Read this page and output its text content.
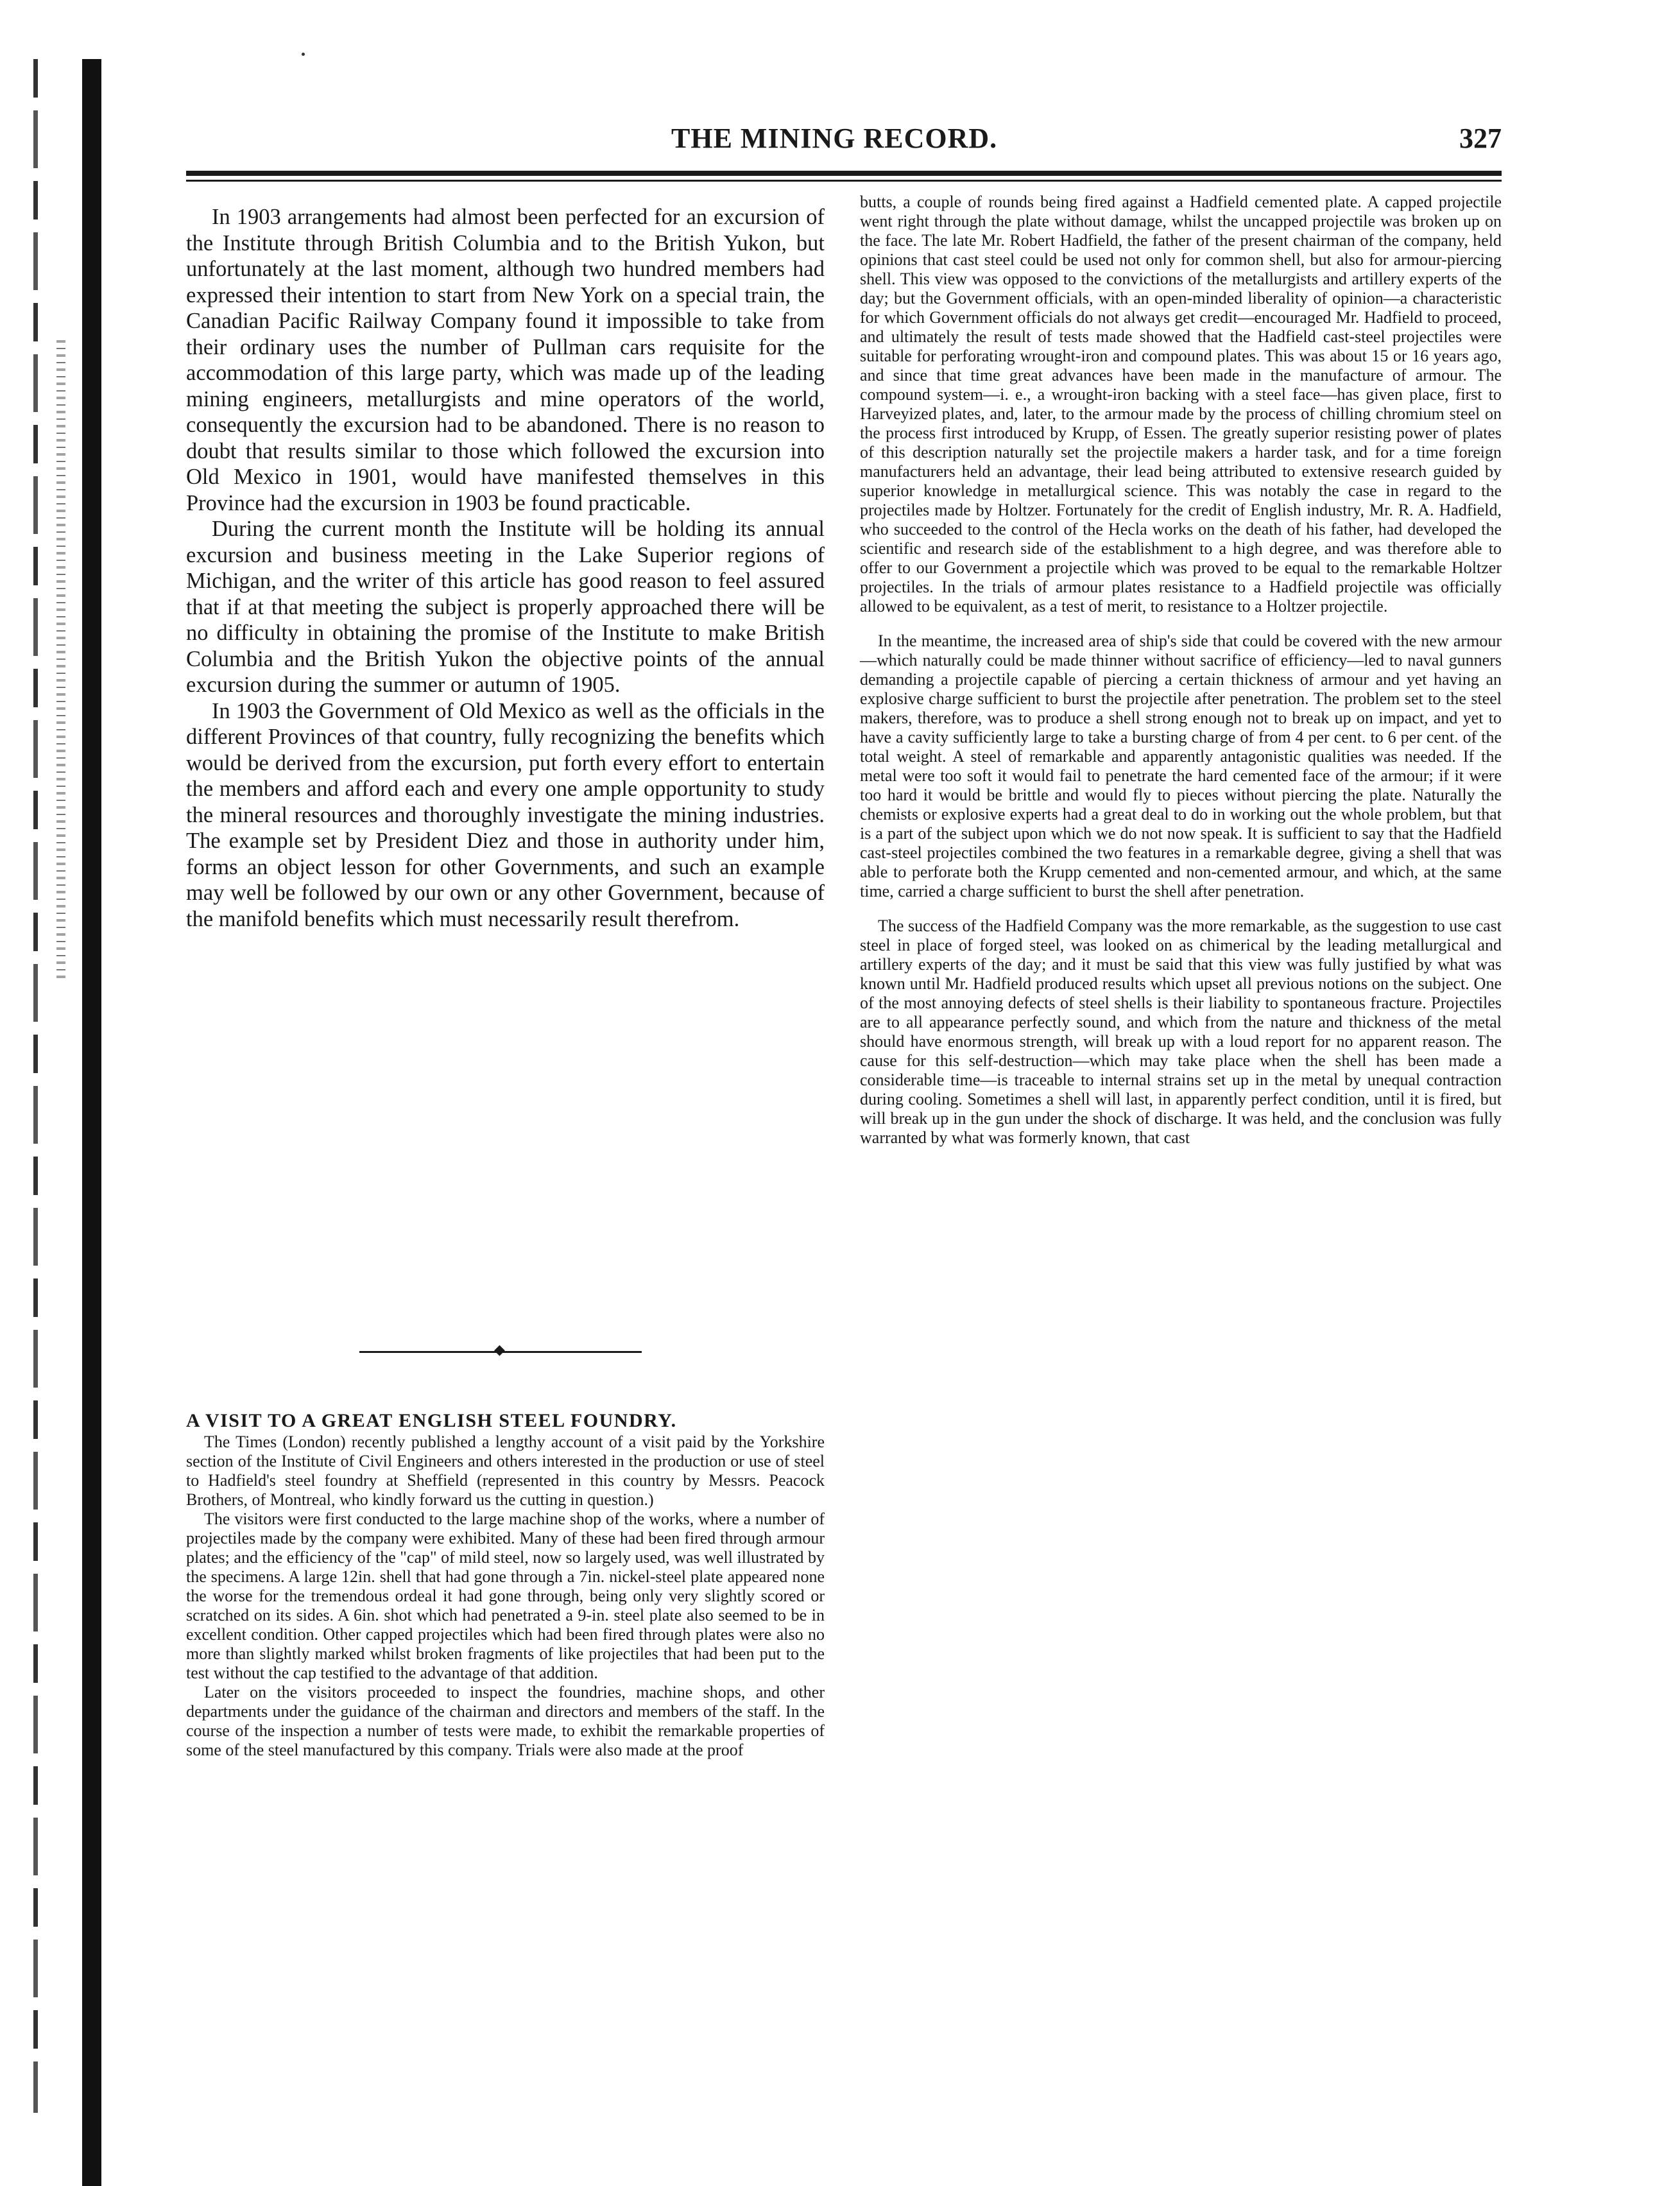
THE MINING RECORD.	327

In 1903 arrangements had almost been perfected for an excursion of the Institute through British Columbia and to the British Yukon, but unfortunately at the last moment, although two hundred members had expressed their intention to start from New York on a special train, the Canadian Pacific Railway Company found it impossible to take from their ordinary uses the number of Pullman cars requisite for the accommodation of this large party, which was made up of the leading mining engineers, metallurgists and mine operators of the world, consequently the excursion had to be abandoned. There is no reason to doubt that results similar to those which followed the excursion into Old Mexico in 1901, would have manifested themselves in this Province had the excursion in 1903 be found practicable.

During the current month the Institute will be holding its annual excursion and business meeting in the Lake Superior regions of Michigan, and the writer of this article has good reason to feel assured that if at that meeting the subject is properly approached there will be no difficulty in obtaining the promise of the Institute to make British Columbia and the British Yukon the objective points of the annual excursion during the summer or autumn of 1905.

In 1903 the Government of Old Mexico as well as the officials in the different Provinces of that country, fully recognizing the benefits which would be derived from the excursion, put forth every effort to entertain the members and afford each and every one ample opportunity to study the mineral resources and thoroughly investigate the mining industries. The example set by President Diez and those in authority under him, forms an object lesson for other Governments, and such an example may well be followed by our own or any other Government, because of the manifold benefits which must necessarily result therefrom.

◆
A VISIT TO A GREAT ENGLISH STEEL FOUNDRY.

The Times (London) recently published a lengthy account of a visit paid by the Yorkshire section of the Institute of Civil Engineers and others interested in the production or use of steel to Hadfield's steel foundry at Sheffield (represented in this country by Messrs. Peacock Brothers, of Montreal, who kindly forward us the cutting in question.)

The visitors were first conducted to the large machine shop of the works, where a number of projectiles made by the company were exhibited. Many of these had been fired through armour plates; and the efficiency of the "cap" of mild steel, now so largely used, was well illustrated by the specimens. A large 12in. shell that had gone through a 7in. nickel-steel plate appeared none the worse for the tremendous ordeal it had gone through, being only very slightly scored or scratched on its sides. A 6in. shot which had penetrated a 9-in. steel plate also seemed to be in excellent condition. Other capped projectiles which had been fired through plates were also no more than slightly marked whilst broken fragments of like projectiles that had been put to the test without the cap testified to the advantage of that addition.

Later on the visitors proceeded to inspect the foundries, machine shops, and other departments under the guidance of the chairman and directors and members of the staff. In the course of the inspection a number of tests were made, to exhibit the remarkable properties of some of the steel manufactured by this company. Trials were also made at the proof

butts, a couple of rounds being fired against a Hadfield cemented plate. A capped projectile went right through the plate without damage, whilst the uncapped projectile was broken up on the face. The late Mr. Robert Hadfield, the father of the present chairman of the company, held opinions that cast steel could be used not only for common shell, but also for armour-piercing shell. This view was opposed to the convictions of the metallurgists and artillery experts of the day; but the Government officials, with an open-minded liberality of opinion—a characteristic for which Government officials do not always get credit—encouraged Mr. Hadfield to proceed, and ultimately the result of tests made showed that the Hadfield cast-steel projectiles were suitable for perforating wrought-iron and compound plates. This was about 15 or 16 years ago, and since that time great advances have been made in the manufacture of armour. The compound system—i. e., a wrought-iron backing with a steel face—has given place, first to Harveyized plates, and, later, to the armour made by the process of chilling chromium steel on the process first introduced by Krupp, of Essen. The greatly superior resisting power of plates of this description naturally set the projectile makers a harder task, and for a time foreign manufacturers held an advantage, their lead being attributed to extensive research guided by superior knowledge in metallurgical science. This was notably the case in regard to the projectiles made by Holtzer. Fortunately for the credit of English industry, Mr. R. A. Hadfield, who succeeded to the control of the Hecla works on the death of his father, had developed the scientific and research side of the establishment to a high degree, and was therefore able to offer to our Government a projectile which was proved to be equal to the remarkable Holtzer projectiles. In the trials of armour plates resistance to a Hadfield projectile was officially allowed to be equivalent, as a test of merit, to resistance to a Holtzer projectile.

In the meantime, the increased area of ship's side that could be covered with the new armour—which naturally could be made thinner without sacrifice of efficiency—led to naval gunners demanding a projectile capable of piercing a certain thickness of armour and yet having an explosive charge sufficient to burst the projectile after penetration. The problem set to the steel makers, therefore, was to produce a shell strong enough not to break up on impact, and yet to have a cavity sufficiently large to take a bursting charge of from 4 per cent. to 6 per cent. of the total weight. A steel of remarkable and apparently antagonistic qualities was needed. If the metal were too soft it would fail to penetrate the hard cemented face of the armour; if it were too hard it would be brittle and would fly to pieces without piercing the plate. Naturally the chemists or explosive experts had a great deal to do in working out the whole problem, but that is a part of the subject upon which we do not now speak. It is sufficient to say that the Hadfield cast-steel projectiles combined the two features in a remarkable degree, giving a shell that was able to perforate both the Krupp cemented and non-cemented armour, and which, at the same time, carried a charge sufficient to burst the shell after penetration.

The success of the Hadfield Company was the more remarkable, as the suggestion to use cast steel in place of forged steel, was looked on as chimerical by the leading metallurgical and artillery experts of the day; and it must be said that this view was fully justified by what was known until Mr. Hadfield produced results which upset all previous notions on the subject. One of the most annoying defects of steel shells is their liability to spontaneous fracture. Projectiles are to all appearance perfectly sound, and which from the nature and thickness of the metal should have enormous strength, will break up with a loud report for no apparent reason. The cause for this self-destruction—which may take place when the shell has been made a considerable time—is traceable to internal strains set up in the metal by unequal contraction during cooling. Sometimes a shell will last, in apparently perfect condition, until it is fired, but will break up in the gun under the shock of discharge. It was held, and the conclusion was fully warranted by what was formerly known, that cast
